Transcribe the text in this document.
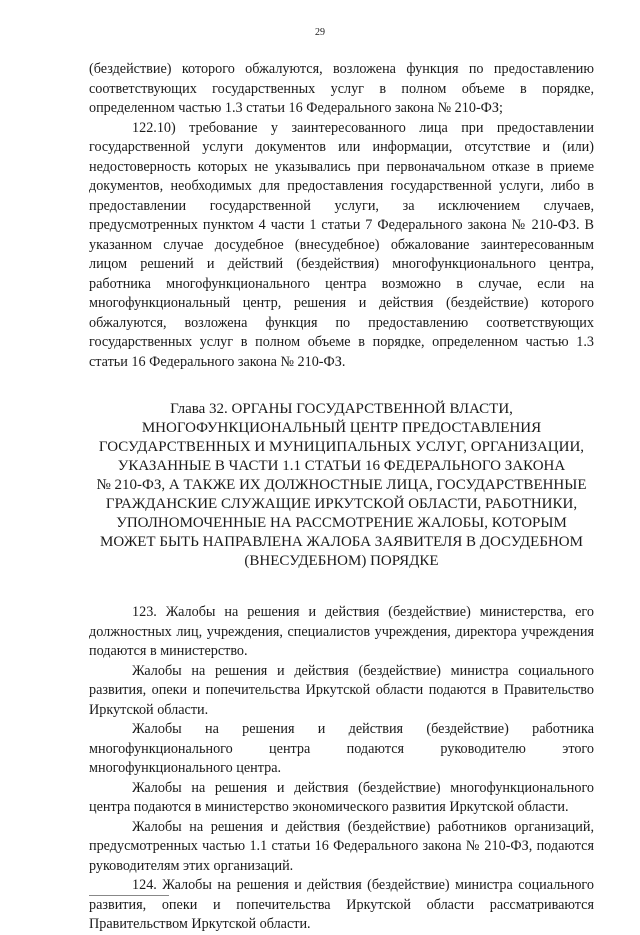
29

(бездействие) которого обжалуются, возложена функция по предоставлению соответствующих государственных услуг в полном объеме в порядке, определенном частью 1.3 статьи 16 Федерального закона № 210-ФЗ;

122.10) требование у заинтересованного лица при предоставлении государственной услуги документов или информации, отсутствие и (или) недостоверность которых не указывались при первоначальном отказе в приеме документов, необходимых для предоставления государственной услуги, либо в предоставлении государственной услуги, за исключением случаев, предусмотренных пунктом 4 части 1 статьи 7 Федерального закона № 210-ФЗ. В указанном случае досудебное (внесудебное) обжалование заинтересованным лицом решений и действий (бездействия) многофункционального центра, работника многофункционального центра возможно в случае, если на многофункциональный центр, решения и действия (бездействие) которого обжалуются, возложена функция по предоставлению соответствующих государственных услуг в полном объеме в порядке, определенном частью 1.3 статьи 16 Федерального закона № 210-ФЗ.

Глава 32. ОРГАНЫ ГОСУДАРСТВЕННОЙ ВЛАСТИ,
МНОГОФУНКЦИОНАЛЬНЫЙ ЦЕНТР ПРЕДОСТАВЛЕНИЯ
ГОСУДАРСТВЕННЫХ И МУНИЦИПАЛЬНЫХ УСЛУГ, ОРГАНИЗАЦИИ,
УКАЗАННЫЕ В ЧАСТИ 1.1 СТАТЬИ 16 ФЕДЕРАЛЬНОГО ЗАКОНА
№ 210-ФЗ, А ТАКЖЕ ИХ ДОЛЖНОСТНЫЕ ЛИЦА, ГОСУДАРСТВЕННЫЕ
ГРАЖДАНСКИЕ СЛУЖАЩИЕ ИРКУТСКОЙ ОБЛАСТИ, РАБОТНИКИ,
УПОЛНОМОЧЕННЫЕ НА РАССМОТРЕНИЕ ЖАЛОБЫ, КОТОРЫМ
МОЖЕТ БЫТЬ НАПРАВЛЕНА ЖАЛОБА ЗАЯВИТЕЛЯ В ДОСУДЕБНОМ
(ВНЕСУДЕБНОМ) ПОРЯДКЕ

123. Жалобы на решения и действия (бездействие) министерства, его должностных лиц, учреждения, специалистов учреждения, директора учреждения подаются в министерство.

Жалобы на решения и действия (бездействие) министра социального развития, опеки и попечительства Иркутской области подаются в Правительство Иркутской области.

Жалобы на решения и действия (бездействие) работника многофункционального центра подаются руководителю этого многофункционального центра.

Жалобы на решения и действия (бездействие) многофункционального центра подаются в министерство экономического развития Иркутской области.

Жалобы на решения и действия (бездействие) работников организаций, предусмотренных частью 1.1 статьи 16 Федерального закона № 210-ФЗ, подаются руководителям этих организаций.

124. Жалобы на решения и действия (бездействие) министра социального развития, опеки и попечительства Иркутской области рассматриваются Правительством Иркутской области.
